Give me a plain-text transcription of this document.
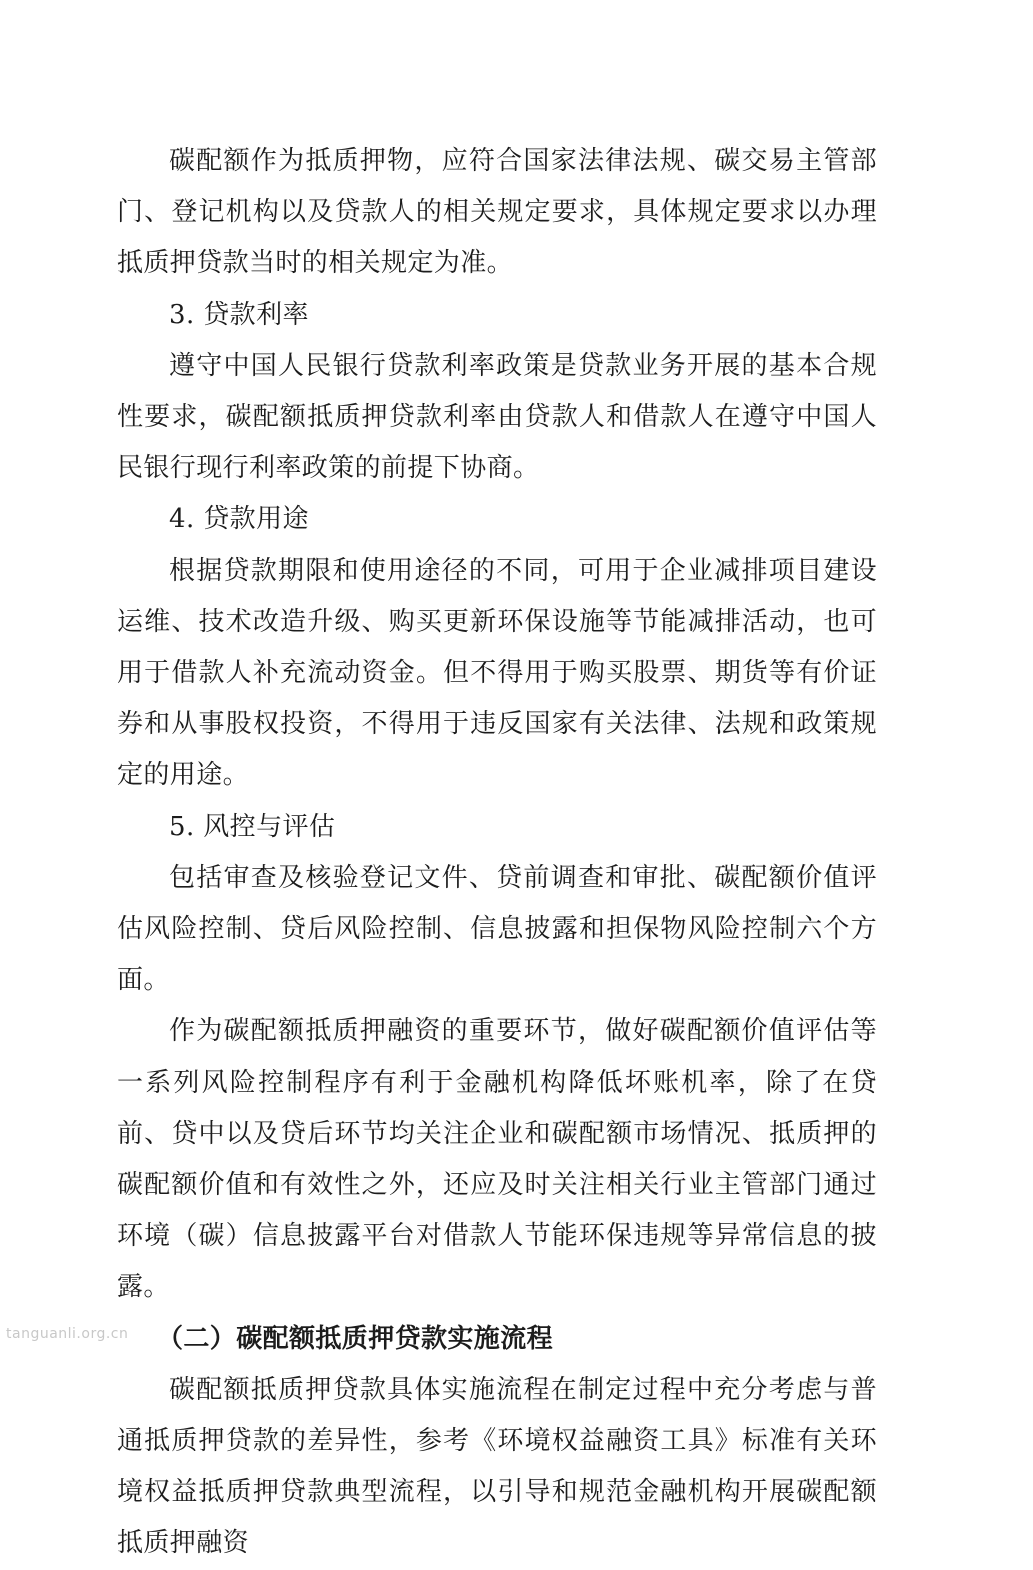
碳配额作为抵质押物，应符合国家法律法规、碳交易主管部门、登记机构以及贷款人的相关规定要求，具体规定要求以办理抵质押贷款当时的相关规定为准。

3. 贷款利率

遵守中国人民银行贷款利率政策是贷款业务开展的基本合规性要求，碳配额抵质押贷款利率由贷款人和借款人在遵守中国人民银行现行利率政策的前提下协商。

4. 贷款用途

根据贷款期限和使用途径的不同，可用于企业减排项目建设运维、技术改造升级、购买更新环保设施等节能减排活动，也可用于借款人补充流动资金。但不得用于购买股票、期货等有价证券和从事股权投资，不得用于违反国家有关法律、法规和政策规定的用途。

5. 风控与评估

包括审查及核验登记文件、贷前调查和审批、碳配额价值评估风险控制、贷后风险控制、信息披露和担保物风险控制六个方面。

作为碳配额抵质押融资的重要环节，做好碳配额价值评估等一系列风险控制程序有利于金融机构降低坏账机率，除了在贷前、贷中以及贷后环节均关注企业和碳配额市场情况、抵质押的碳配额价值和有效性之外，还应及时关注相关行业主管部门通过环境（碳）信息披露平台对借款人节能环保违规等异常信息的披露。

（二）碳配额抵质押贷款实施流程

碳配额抵质押贷款具体实施流程在制定过程中充分考虑与普通抵质押贷款的差异性，参考《环境权益融资工具》标准有关环境权益抵质押贷款典型流程，以引导和规范金融机构开展碳配额抵质押融资

tanguanli.org.cn
